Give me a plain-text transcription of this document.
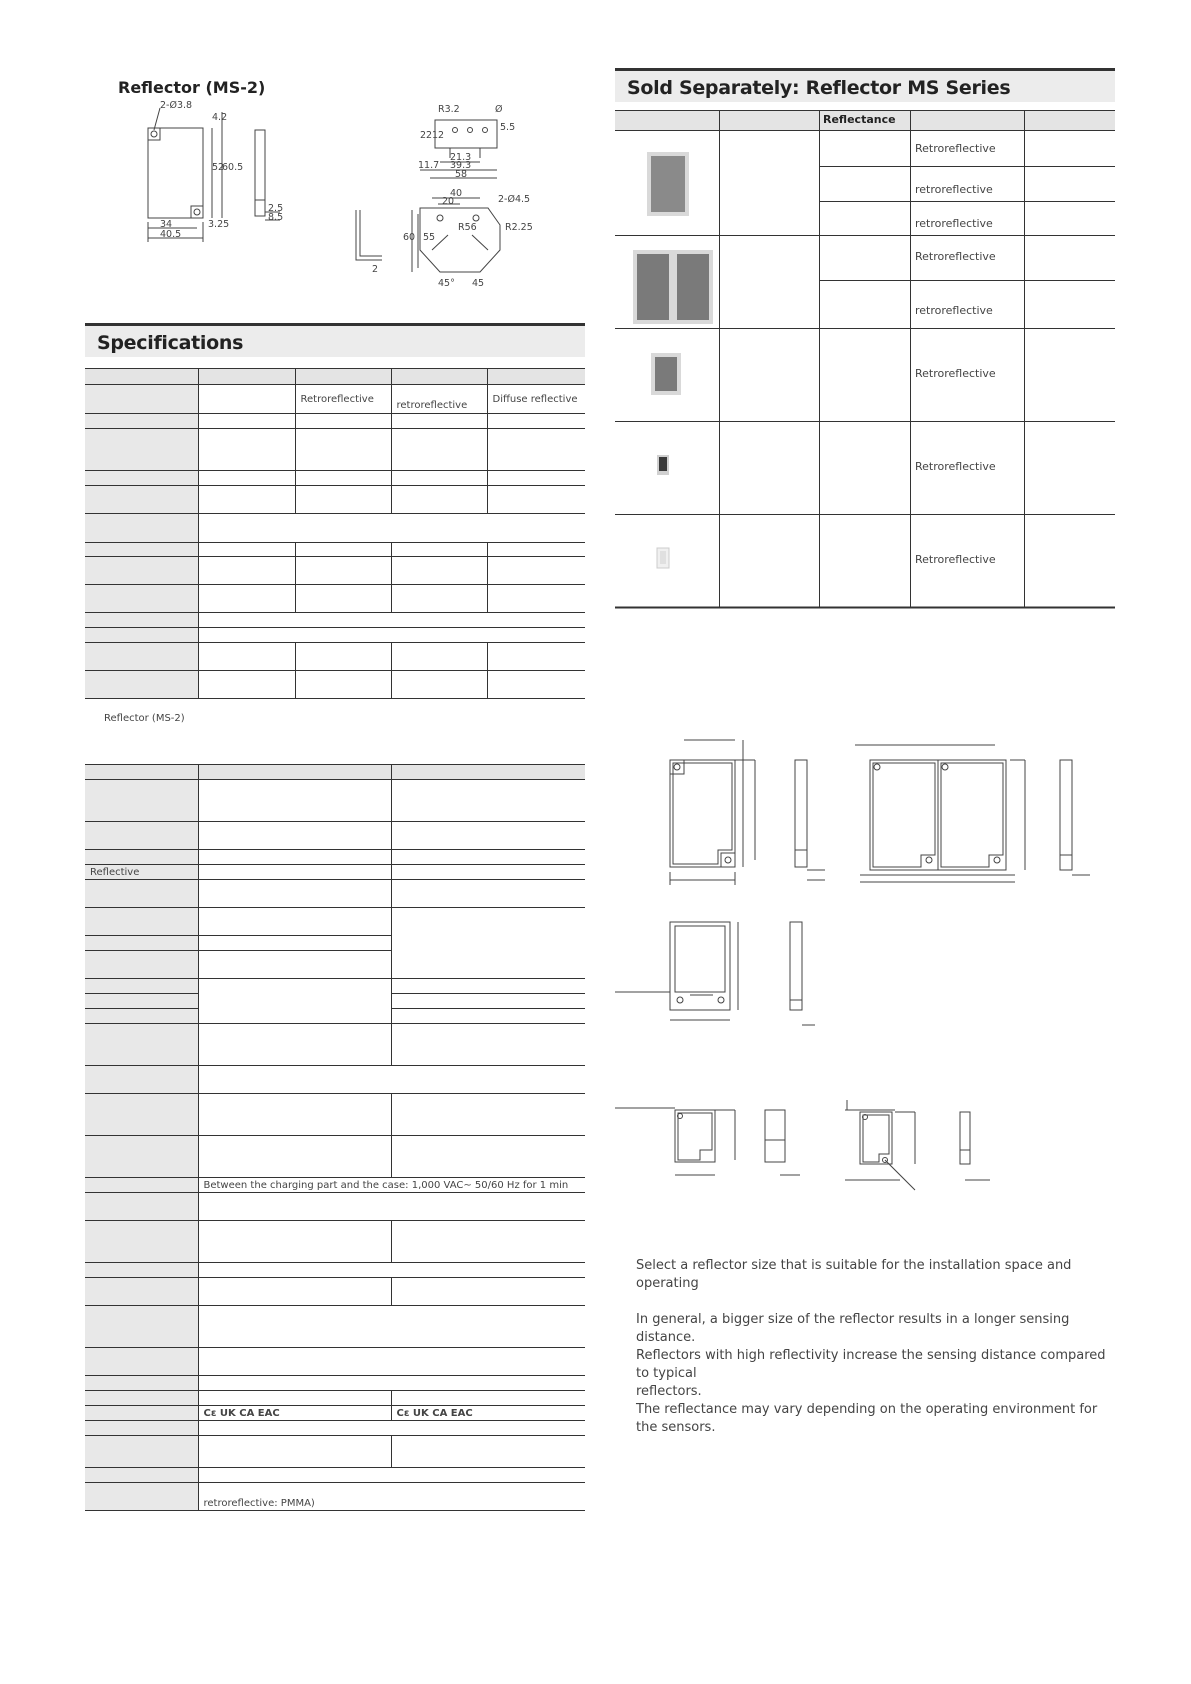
Reflector (MS-2)
2-Ø3.8
4.2
52
60.5
34	3.25
40.5
2.5
8.5
R3.2	Ø
22 12
5.5
21.3
11.7 39.3
58
40
20	2-Ø4.5
R2.25
60 55
R56
45° 45
2
Specifications

		Retroreflective	retroreflective	Diffuse reflective

Reflector (MS-2)

Reflective		

	Between the charging part and the case: 1,000 VAC∼ 50/60 Hz for 1 min	

	Cε UK CA EAC	Cε UK CA EAC

	retroreflective: PMMA)	
Sold Separately: Reflector MS Series
Reflectance
Retroreflective
retroreflective
retroreflective
Retroreflective
retroreflective
Retroreflective
Retroreflective
Retroreflective
Select a reflector size that is suitable for the installation space and operating
In general, a bigger size of the reflector results in a longer sensing distance.
Reflectors with high reflectivity increase the sensing distance compared to typical
reflectors.
The reflectance may vary depending on the operating environment for the sensors.
